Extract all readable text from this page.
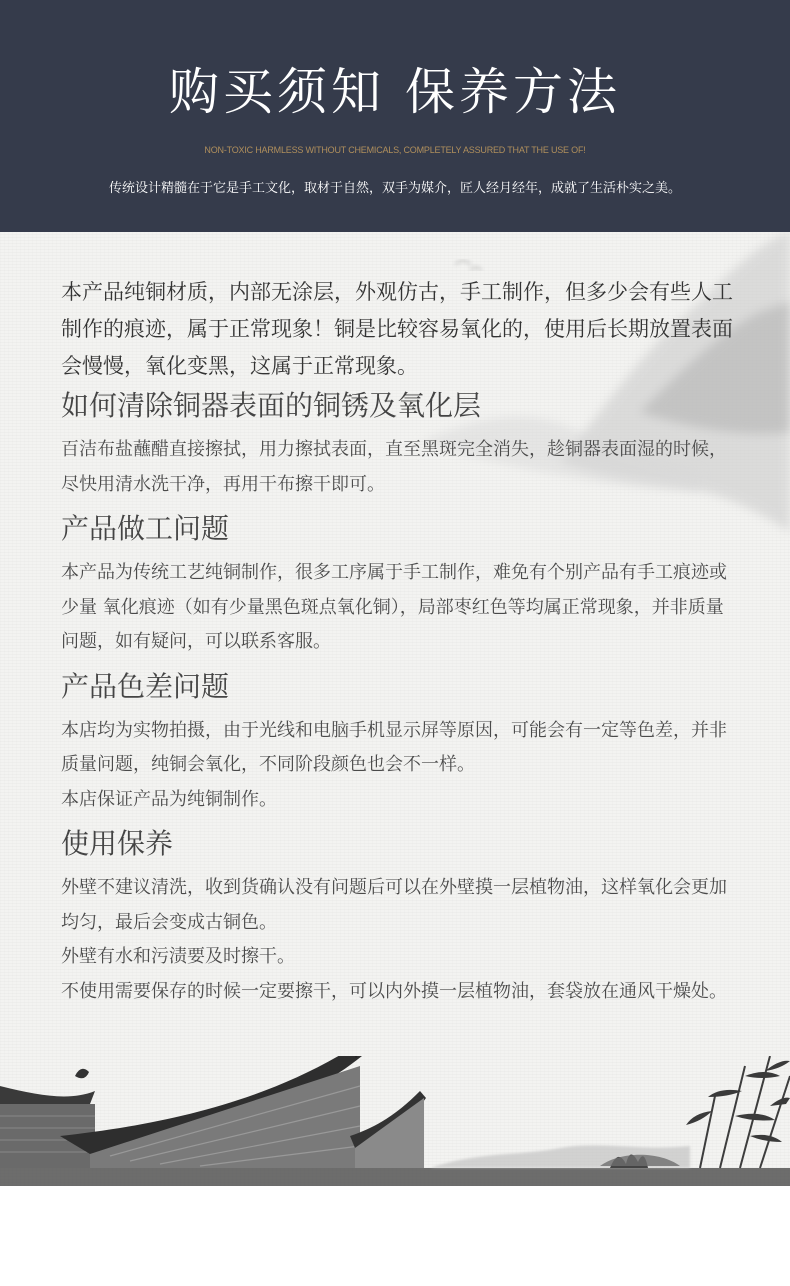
购买须知 保养方法
NON-TOXIC HARMLESS WITHOUT CHEMICALS, COMPLETELY ASSURED THAT THE USE OF!
传统设计精髓在于它是手工文化，取材于自然，双手为媒介，匠人经月经年，成就了生活朴实之美。

本产品纯铜材质，内部无涂层，外观仿古，手工制作，但多少会有些人工制作的痕迹，属于正常现象！铜是比较容易氧化的，使用后长期放置表面会慢慢，氧化变黑，这属于正常现象。

如何清除铜器表面的铜锈及氧化层

百洁布盐蘸醋直接擦拭，用力擦拭表面，直至黑斑完全消失，趁铜器表面湿的时候，尽快用清水洗干净，再用干布擦干即可。

产品做工问题

本产品为传统工艺纯铜制作，很多工序属于手工制作，难免有个别产品有手工痕迹或少量 氧化痕迹（如有少量黑色斑点氧化铜），局部枣红色等均属正常现象，并非质量问题，如有疑问，可以联系客服。

产品色差问题

本店均为实物拍摄，由于光线和电脑手机显示屏等原因，可能会有一定等色差，并非质量问题，纯铜会氧化，不同阶段颜色也会不一样。

本店保证产品为纯铜制作。

使用保养

外壁不建议清洗，收到货确认没有问题后可以在外壁摸一层植物油，这样氧化会更加均匀，最后会变成古铜色。

外壁有水和污渍要及时擦干。

不使用需要保存的时候一定要擦干，可以内外摸一层植物油，套袋放在通风干燥处。
